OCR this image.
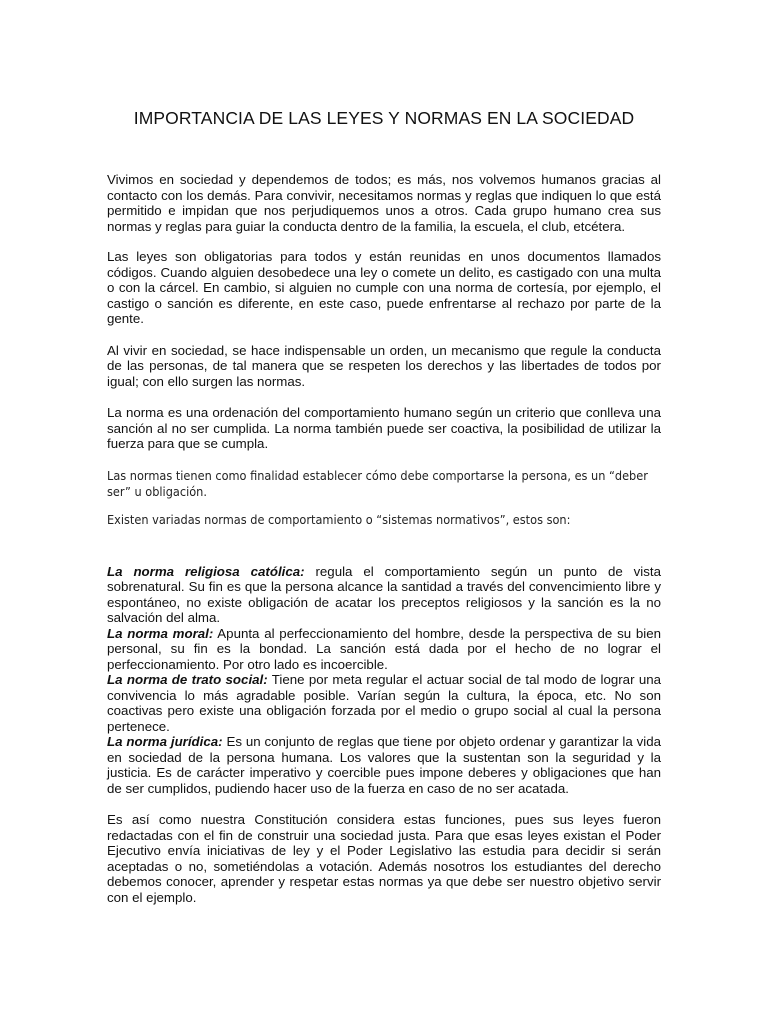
IMPORTANCIA DE LAS LEYES Y NORMAS EN LA SOCIEDAD

Vivimos en sociedad y dependemos de todos; es más, nos volvemos humanos gracias al contacto con los demás. Para convivir, necesitamos normas y reglas que indiquen lo que está permitido e impidan que nos perjudiquemos unos a otros. Cada grupo humano crea sus normas y reglas para guiar la conducta dentro de la familia, la escuela, el club, etcétera.

Las leyes son obligatorias para todos y están reunidas en unos documentos llamados códigos. Cuando alguien desobedece una ley o comete un delito, es castigado con una multa o con la cárcel. En cambio, si alguien no cumple con una norma de cortesía, por ejemplo, el castigo o sanción es diferente, en este caso, puede enfrentarse al rechazo por parte de la gente.

Al vivir en sociedad, se hace indispensable un orden, un mecanismo que regule la conducta de las personas, de tal manera que se respeten los derechos y las libertades de todos por igual; con ello surgen las normas.

La norma es una ordenación del comportamiento humano según un criterio que conlleva una sanción al no ser cumplida. La norma también puede ser coactiva, la posibilidad de utilizar la fuerza para que se cumpla.

Las normas tienen como finalidad establecer cómo debe comportarse la persona, es un “deber ser” u obligación.

Existen variadas normas de comportamiento o “sistemas normativos”, estos son:

La norma religiosa católica: regula el comportamiento según un punto de vista sobrenatural. Su fin es que la persona alcance la santidad a través del convencimiento libre y espontáneo, no existe obligación de acatar los preceptos religiosos y la sanción es la no salvación del alma.

La norma moral: Apunta al perfeccionamiento del hombre, desde la perspectiva de su bien personal, su fin es la bondad. La sanción está dada por el hecho de no lograr el perfeccionamiento. Por otro lado es incoercible.

La norma de trato social: Tiene por meta regular el actuar social de tal modo de lograr una convivencia lo más agradable posible. Varían según la cultura, la época, etc. No son coactivas pero existe una obligación forzada por el medio o grupo social al cual la persona pertenece.

La norma jurídica: Es un conjunto de reglas que tiene por objeto ordenar y garantizar la vida en sociedad de la persona humana. Los valores que la sustentan son la seguridad y la justicia. Es de carácter imperativo y coercible pues impone deberes y obligaciones que han de ser cumplidos, pudiendo hacer uso de la fuerza en caso de no ser acatada.

Es así como nuestra Constitución considera estas funciones, pues sus leyes fueron redactadas con el fin de construir una sociedad justa. Para que esas leyes existan el Poder Ejecutivo envía iniciativas de ley y el Poder Legislativo las estudia para decidir si serán aceptadas o no, sometiéndolas a votación. Además nosotros los estudiantes del derecho debemos conocer, aprender y respetar estas normas ya que debe ser nuestro objetivo servir con el ejemplo.
